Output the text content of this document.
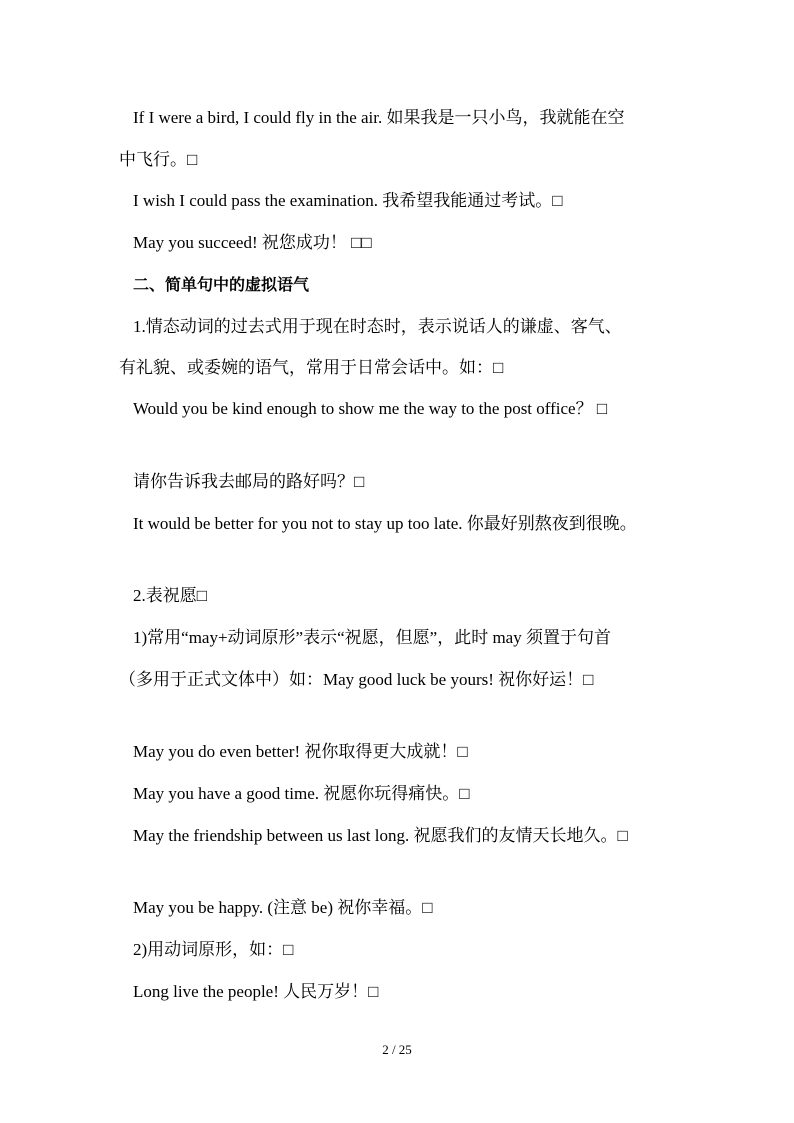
If I were a bird, I could fly in the air. 如果我是一只小鸟，我就能在空
中飞行。□
I wish I could pass the examination. 我希望我能通过考试。□
May you succeed! 祝您成功！ □□
二、简单句中的虚拟语气
1.情态动词的过去式用于现在时态时，表示说话人的谦虚、客气、
有礼貌、或委婉的语气，常用于日常会话中。如：□
Would you be kind enough to show me the way to the post office？ □
请你告诉我去邮局的路好吗？□
It would be better for you not to stay up too late. 你最好别熬夜到很晚。
2.表祝愿□
1)常用“may+动词原形”表示“祝愿，但愿”，此时 may 须置于句首
（多用于正式文体中）如：May good luck be yours! 祝你好运！□
May you do even better! 祝你取得更大成就！□
May you have a good time. 祝愿你玩得痛快。□
May the friendship between us last long. 祝愿我们的友情天长地久。□
May you be happy. (注意 be) 祝你幸福。□
2)用动词原形，如：□
Long live the people! 人民万岁！□
2 / 25
